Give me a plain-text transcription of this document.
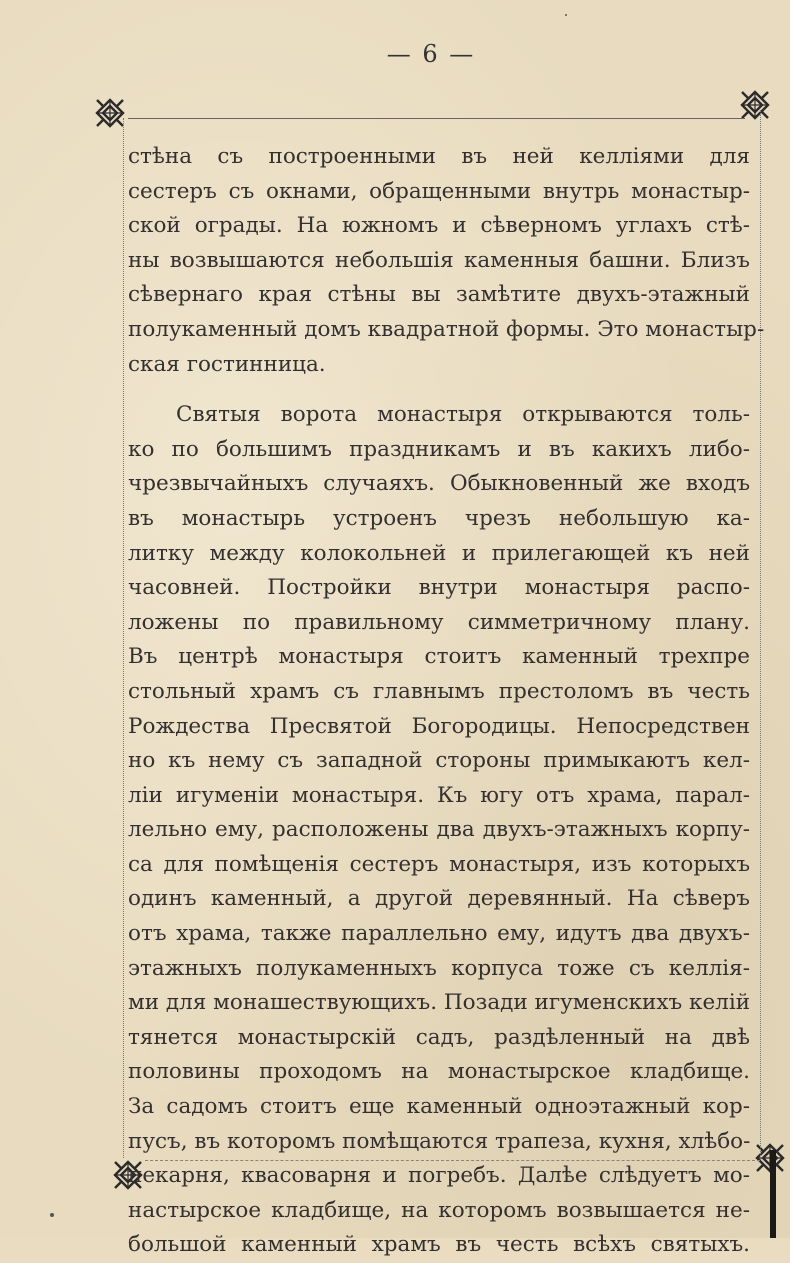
— 6 —
стѣна съ построенными въ ней келліями для
сестеръ съ окнами, обращенными внутрь монастыр-
ской ограды. На южномъ и сѣверномъ углахъ стѣ-
ны возвышаются небольшія каменныя башни. Близъ
сѣвернаго края стѣны вы замѣтите двухъ-этажный
полукаменный домъ квадратной формы. Это монастыр-
ская гостинница.
Святыя ворота монастыря открываются толь-
ко по большимъ праздникамъ и въ какихъ либо-
чрезвычайныхъ случаяхъ. Обыкновенный же входъ
въ монастырь устроенъ чрезъ небольшую ка-
литку между колокольней и прилегающей къ ней
часовней. Постройки внутри монастыря распо-
ложены по правильному симметричному плану.
Въ центрѣ монастыря стоитъ каменный трехпре
стольный храмъ съ главнымъ престоломъ въ честь
Рождества Пресвятой Богородицы. Непосредствен
но къ нему съ западной стороны примыкаютъ кел-
ліи игуменіи монастыря. Къ югу отъ храма, парал-
лельно ему, расположены два двухъ-этажныхъ корпу-
са для помѣщенія сестеръ монастыря, изъ которыхъ
одинъ каменный, а другой деревянный. На сѣверъ
отъ храма, также параллельно ему, идутъ два двухъ-
этажныхъ полукаменныхъ корпуса тоже съ келлія-
ми для монашествующихъ. Позади игуменскихъ келій
тянется монастырскій садъ, раздѣленный на двѣ
половины проходомъ на монастырское кладбище.
За садомъ стоитъ еще каменный одноэтажный кор-
пусъ, въ которомъ помѣщаются трапеза, кухня, хлѣбо-
пекарня, квасоварня и погребъ. Далѣе слѣдуетъ мо-
настырское кладбище, на которомъ возвышается не-
большой каменный храмъ въ честь всѣхъ святыхъ.
